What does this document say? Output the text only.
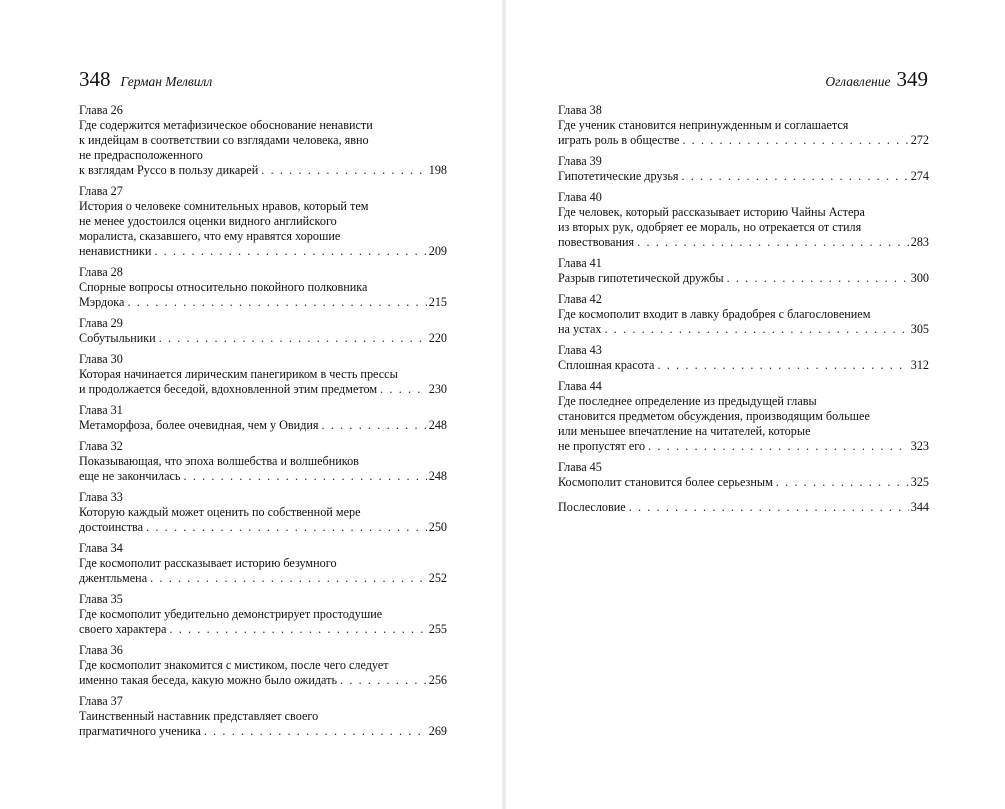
348 Герман Мелвилл
Глава 26
Где содержится метафизическое обоснование ненависти
к индейцам в соответствии со взглядами человека, явно
не предрасположенного
к взглядам Руссо в пользу дикарей . . .	198
Глава 27
История о человеке сомнительных нравов, который тем
не менее удостоился оценки видного английского
моралиста, сказавшего, что ему нравятся хорошие
ненавистники . . .	209
Глава 28
Спорные вопросы относительно покойного полковника
Мэрдока . . .	215
Глава 29
Собутыльники . . .	220
Глава 30
Которая начинается лирическим панегириком в честь прессы
и продолжается беседой, вдохновленной этим предметом . . .	230
Глава 31
Метаморфоза, более очевидная, чем у Овидия . . .	248
Глава 32
Показывающая, что эпоха волшебства и волшебников
еще не закончилась . . .	248
Глава 33
Которую каждый может оценить по собственной мере
достоинства . . .	250
Глава 34
Где космополит рассказывает историю безумного
джентльмена . . .	252
Глава 35
Где космополит убедительно демонстрирует простодушие
своего характера . . .	255
Глава 36
Где космополит знакомится с мистиком, после чего следует
именно такая беседа, какую можно было ожидать . . .	256
Глава 37
Таинственный наставник представляет своего
прагматичного ученика . . .	269
Оглавление 349
Глава 38
Где ученик становится непринужденным и соглашается
играть роль в обществе . . .	272
Глава 39
Гипотетические друзья . . .	274
Глава 40
Где человек, который рассказывает историю Чайны Астера
из вторых рук, одобряет ее мораль, но отрекается от стиля
повествования . . .	283
Глава 41
Разрыв гипотетической дружбы . . .	300
Глава 42
Где космополит входит в лавку брадобрея с благословением
на устах . . .	305
Глава 43
Сплошная красота . . .	312
Глава 44
Где последнее определение из предыдущей главы
становится предметом обсуждения, производящим большее
или меньшее впечатление на читателей, которые
не пропустят его . . .	323
Глава 45
Космополит становится более серьезным . . .	325
Послесловие . . .	344
